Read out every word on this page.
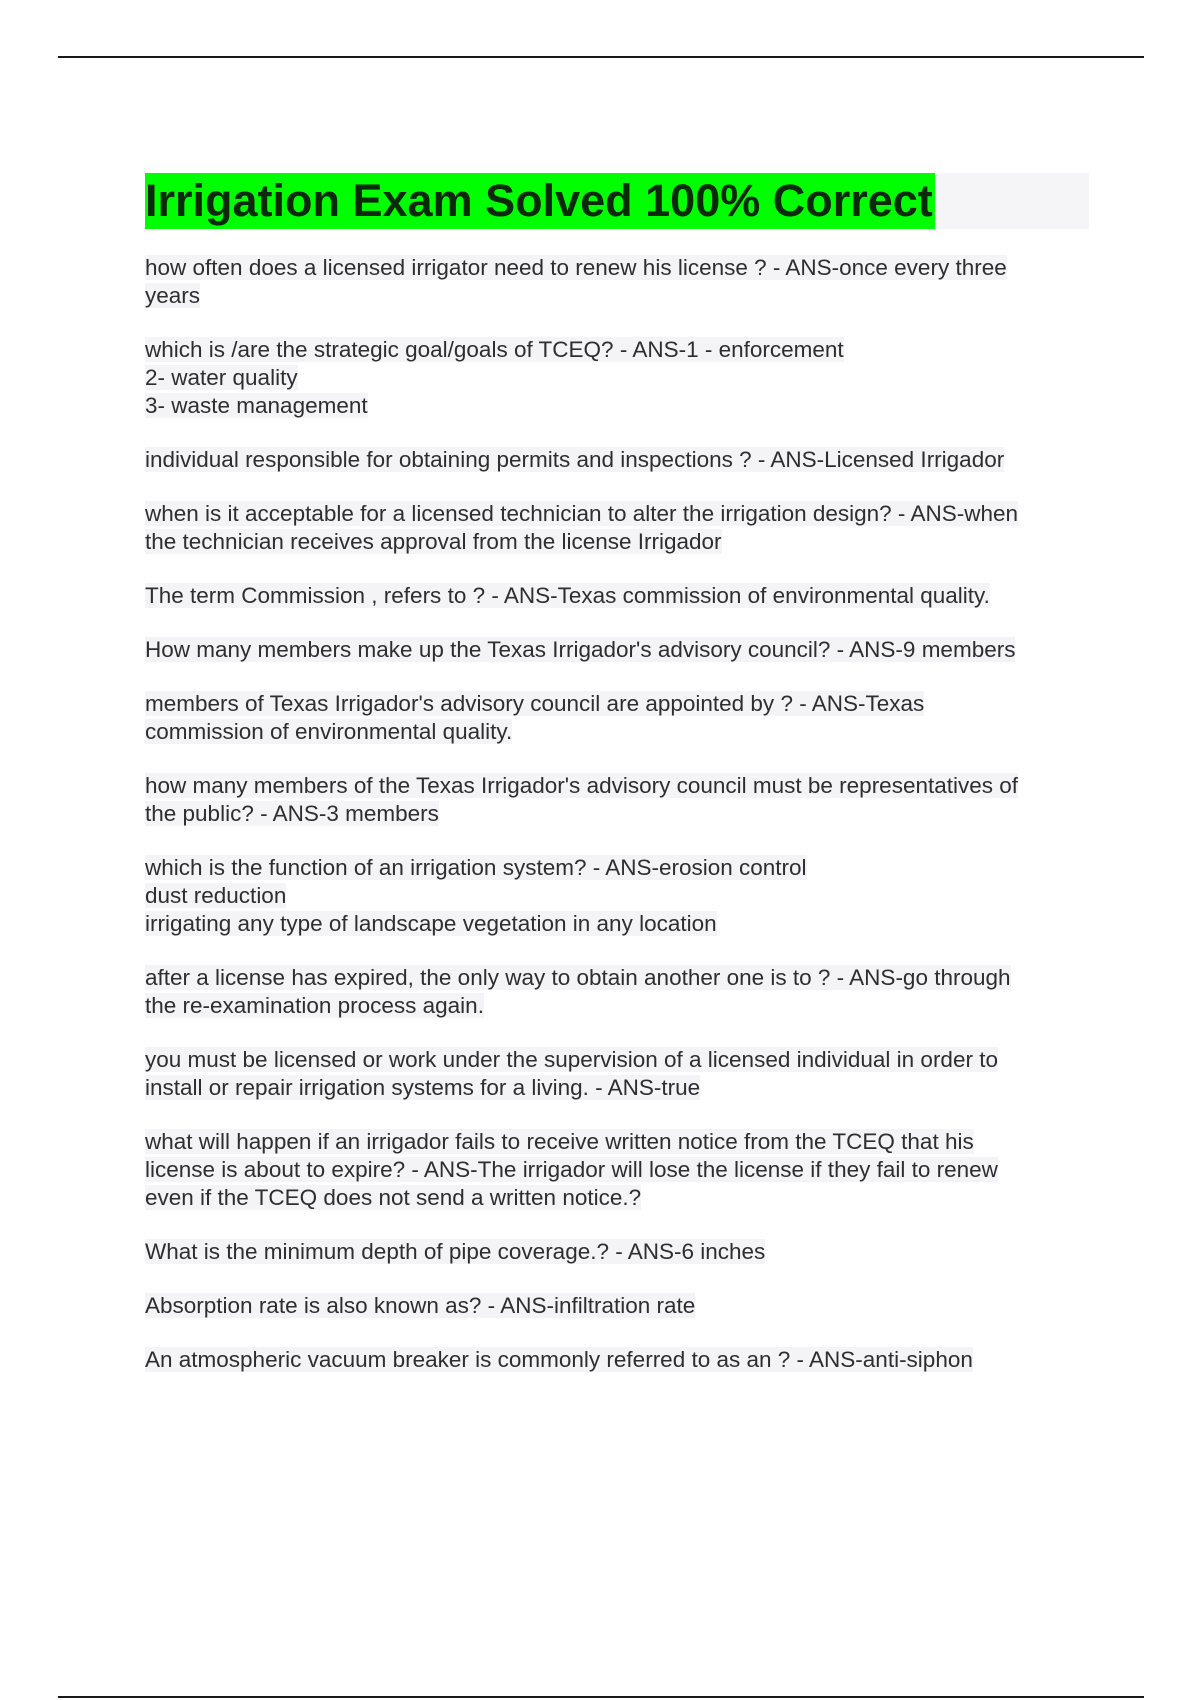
Irrigation Exam Solved 100% Correct
how often does a licensed irrigator need to renew his license ? - ANS-once every three
years
which is /are the strategic goal/goals of TCEQ? - ANS-1 - enforcement
2- water quality
3- waste management
individual responsible for obtaining permits and inspections ? - ANS-Licensed Irrigador
when is it acceptable for a licensed technician to alter the irrigation design? - ANS-when
the technician receives approval from the license Irrigador
The term Commission , refers to ? - ANS-Texas commission of environmental quality.
How many members make up the Texas Irrigador's advisory council? - ANS-9 members
members of Texas Irrigador's advisory council are appointed by ? - ANS-Texas
commission of environmental quality.
how many members of the Texas Irrigador's advisory council must be representatives of
the public? - ANS-3 members
which is the function of an irrigation system? - ANS-erosion control
dust reduction
irrigating any type of landscape vegetation in any location
after a license has expired, the only way to obtain another one is to ? - ANS-go through
the re-examination process again.
you must be licensed or work under the supervision of a licensed individual in order to
install or repair irrigation systems for a living. - ANS-true
what will happen if an irrigador fails to receive written notice from the TCEQ that his
license is about to expire? - ANS-The irrigador will lose the license if they fail to renew
even if the TCEQ does not send a written notice.?
What is the minimum depth of pipe coverage.? - ANS-6 inches
Absorption rate is also known as? - ANS-infiltration rate
An atmospheric vacuum breaker is commonly referred to as an ? - ANS-anti-siphon
